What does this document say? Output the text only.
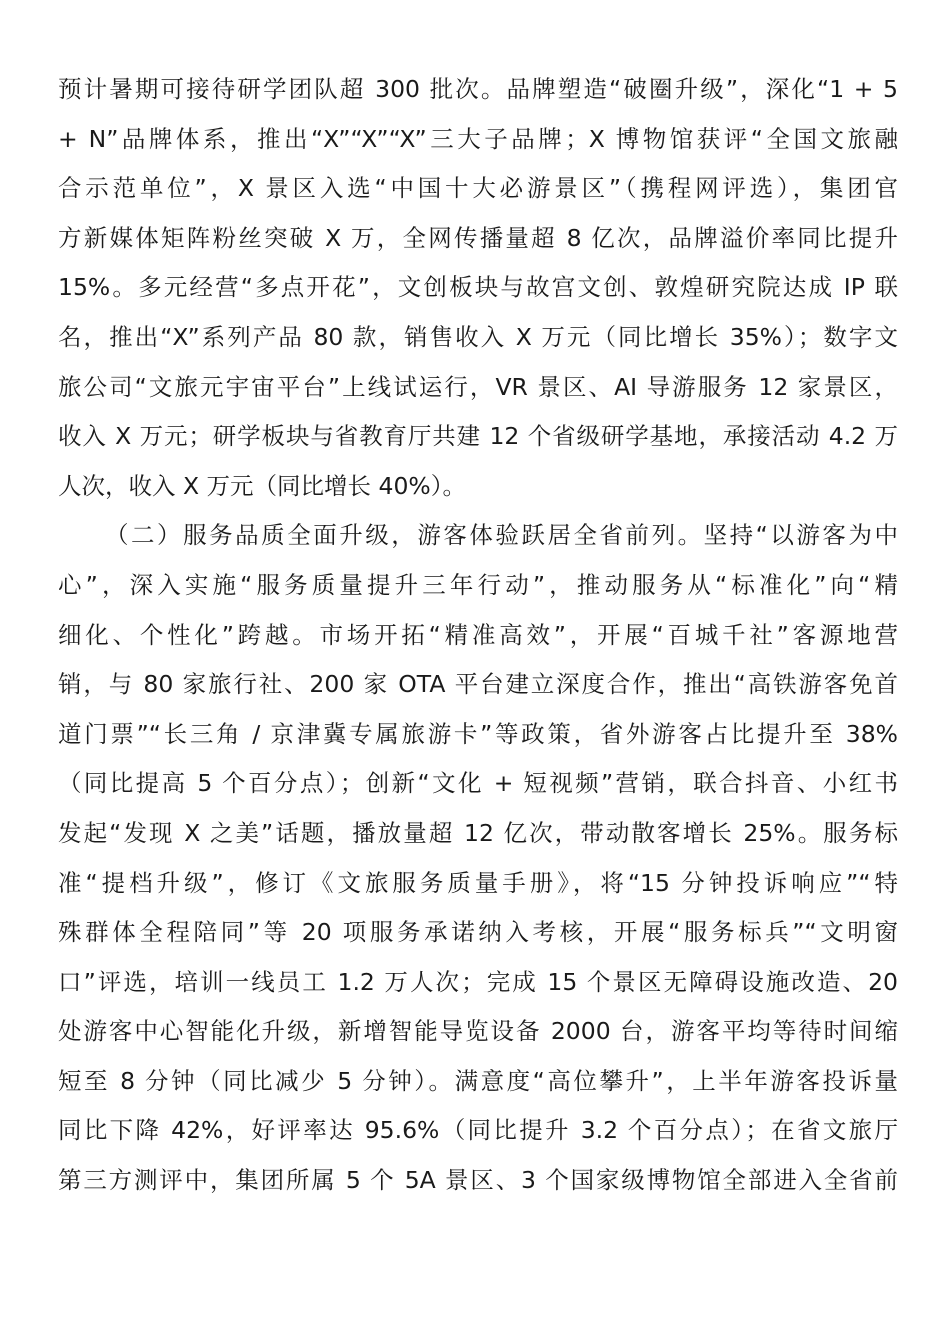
预计暑期可接待研学团队超 300 批次。品牌塑造“破圈升级”，深化“1 + 5
+ N”品牌体系，推出“X”“X”“X”三大子品牌；X 博物馆获评“全国文旅融
合示范单位”，X 景区入选“中国十大必游景区”（携程网评选），集团官
方新媒体矩阵粉丝突破 X 万，全网传播量超 8 亿次，品牌溢价率同比提升
15%。多元经营“多点开花”，文创板块与故宫文创、敦煌研究院达成 IP 联
名，推出“X”系列产品 80 款，销售收入 X 万元（同比增长 35%）；数字文
旅公司“文旅元宇宙平台”上线试运行，VR 景区、AI 导游服务 12 家景区，
收入 X 万元；研学板块与省教育厅共建 12 个省级研学基地，承接活动 4.2 万
人次，收入 X 万元（同比增长 40%）。
（二）服务品质全面升级，游客体验跃居全省前列。坚持“以游客为中
心”，深入实施“服务质量提升三年行动”，推动服务从“标准化”向“精
细化、个性化”跨越。市场开拓“精准高效”，开展“百城千社”客源地营
销，与 80 家旅行社、200 家 OTA 平台建立深度合作，推出“高铁游客免首
道门票”“长三角 / 京津冀专属旅游卡”等政策，省外游客占比提升至 38%
（同比提高 5 个百分点）；创新“文化 + 短视频”营销，联合抖音、小红书
发起“发现 X 之美”话题，播放量超 12 亿次，带动散客增长 25%。服务标
准“提档升级”，修订《文旅服务质量手册》，将“15 分钟投诉响应”“特
殊群体全程陪同”等 20 项服务承诺纳入考核，开展“服务标兵”“文明窗
口”评选，培训一线员工 1.2 万人次；完成 15 个景区无障碍设施改造、20
处游客中心智能化升级，新增智能导览设备 2000 台，游客平均等待时间缩
短至 8 分钟（同比减少 5 分钟）。满意度“高位攀升”，上半年游客投诉量
同比下降 42%，好评率达 95.6%（同比提升 3.2 个百分点）；在省文旅厅
第三方测评中，集团所属 5 个 5A 景区、3 个国家级博物馆全部进入全省前
